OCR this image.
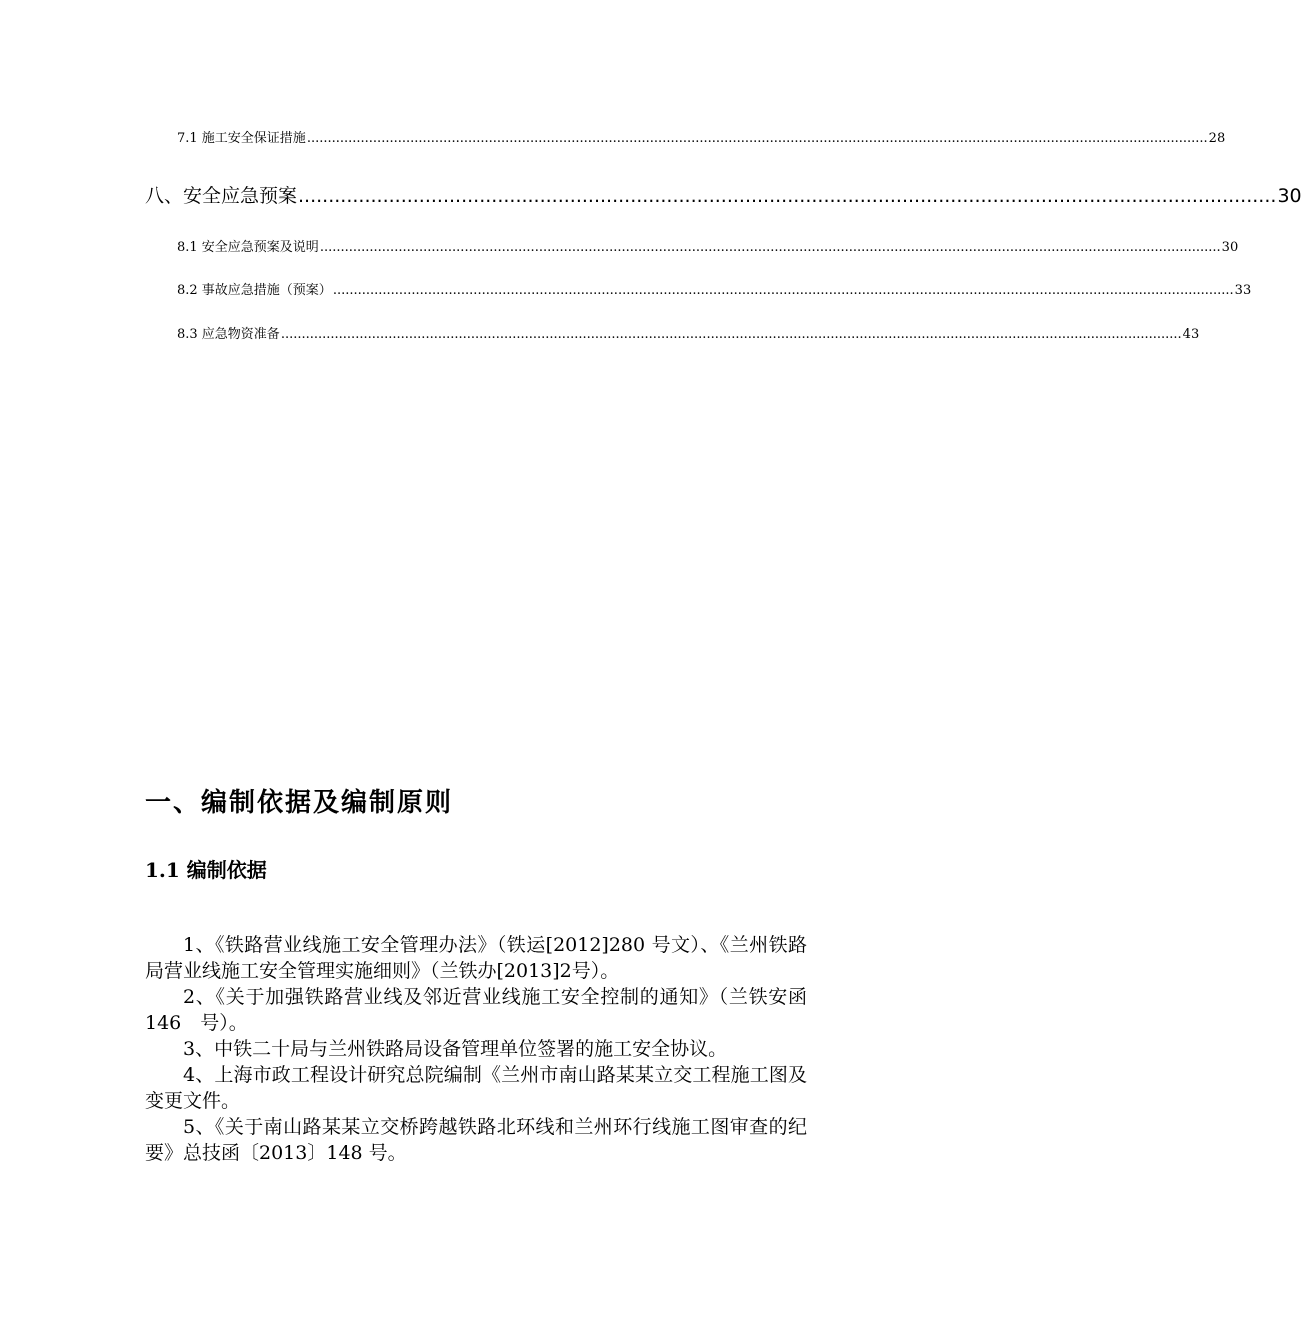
7.1 施工安全保证措施 .......................................................................................................................................................................................................................... 28
八、安全应急预案 .................................................................................................................................................................. 30
8.1 安全应急预案及说明 .......................................................................................................................................................................................................................... 30
8.2 事故应急措施（预案） .......................................................................................................................................................................................................................... 33
8.3 应急物资准备 .......................................................................................................................................................................................................................... 43
一、编制依据及编制原则
1.1 编制依据

1、《铁路营业线施工安全管理办法》（铁运[2012]280 号文）、《兰州铁路局营业线施工安全管理实施细则》（兰铁办[2013]2号）。

2、《关于加强铁路营业线及邻近营业线施工安全控制的通知》（兰铁安函 146　号）。

3、中铁二十局与兰州铁路局设备管理单位签署的施工安全协议。

4、上海市政工程设计研究总院编制《兰州市南山路某某立交工程施工图及变更文件。

5、《关于南山路某某立交桥跨越铁路北环线和兰州环行线施工图审查的纪要》总技函〔2013〕148 号。
